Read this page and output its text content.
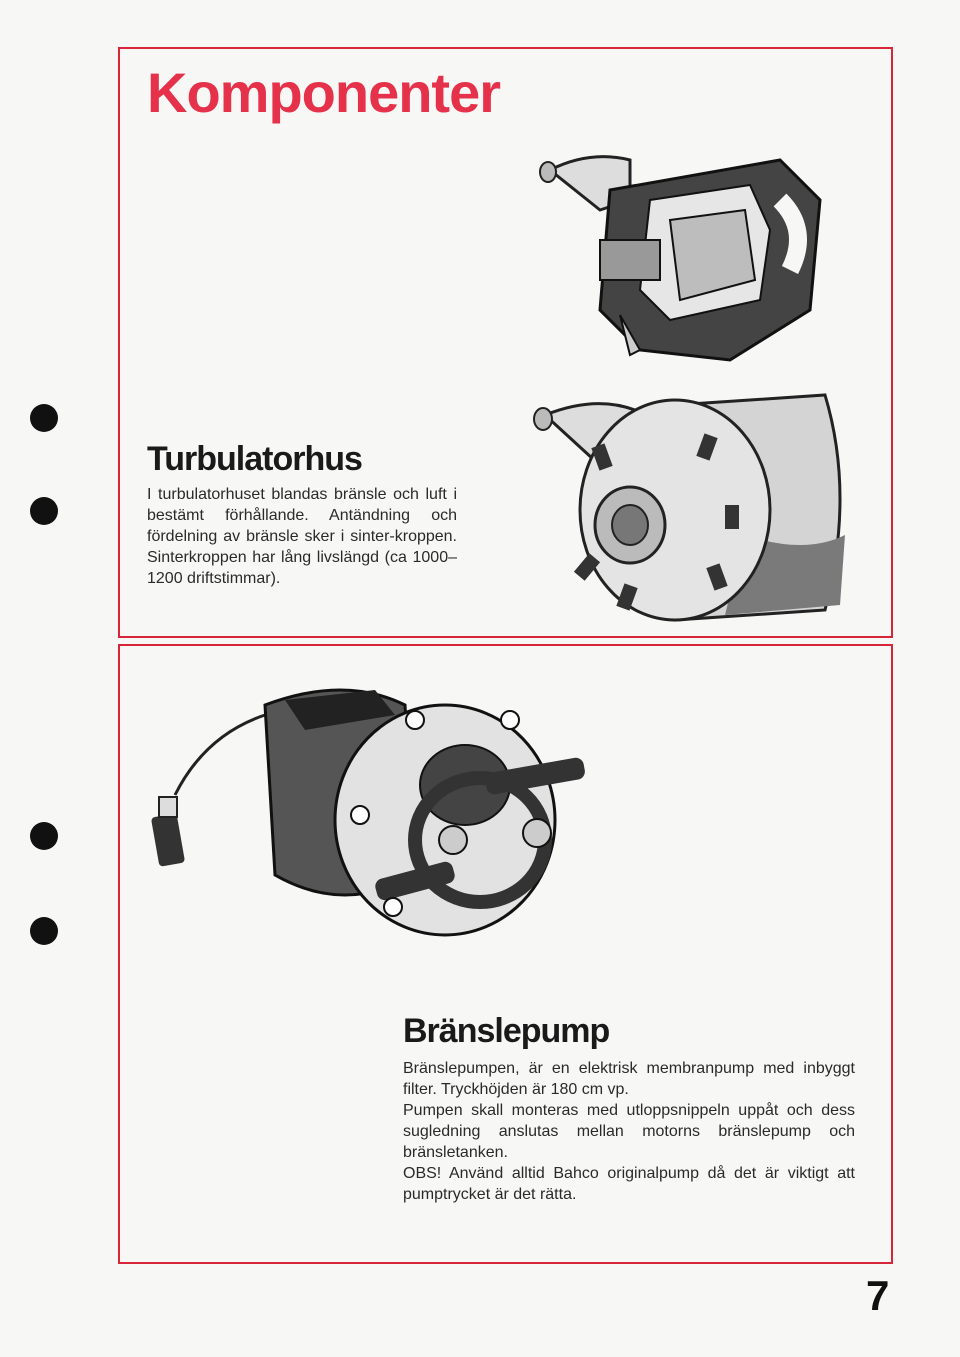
Komponenter
Turbulatorhus
I turbulatorhuset blandas bränsle och luft i bestämt förhållande. Antändning och fördelning av bränsle sker i sinter-kroppen. Sinterkroppen har lång livslängd (ca 1000–1200 driftstimmar).
Bränslepump

Bränslepumpen, är en elektrisk membranpump med inbyggt filter. Tryckhöjden är 180 cm vp.

Pumpen skall monteras med utloppsnippeln uppåt och dess sugledning anslutas mellan motorns bränslepump och bränsletanken.

OBS! Använd alltid Bahco originalpump då det är viktigt att pumptrycket är det rätta.

7
